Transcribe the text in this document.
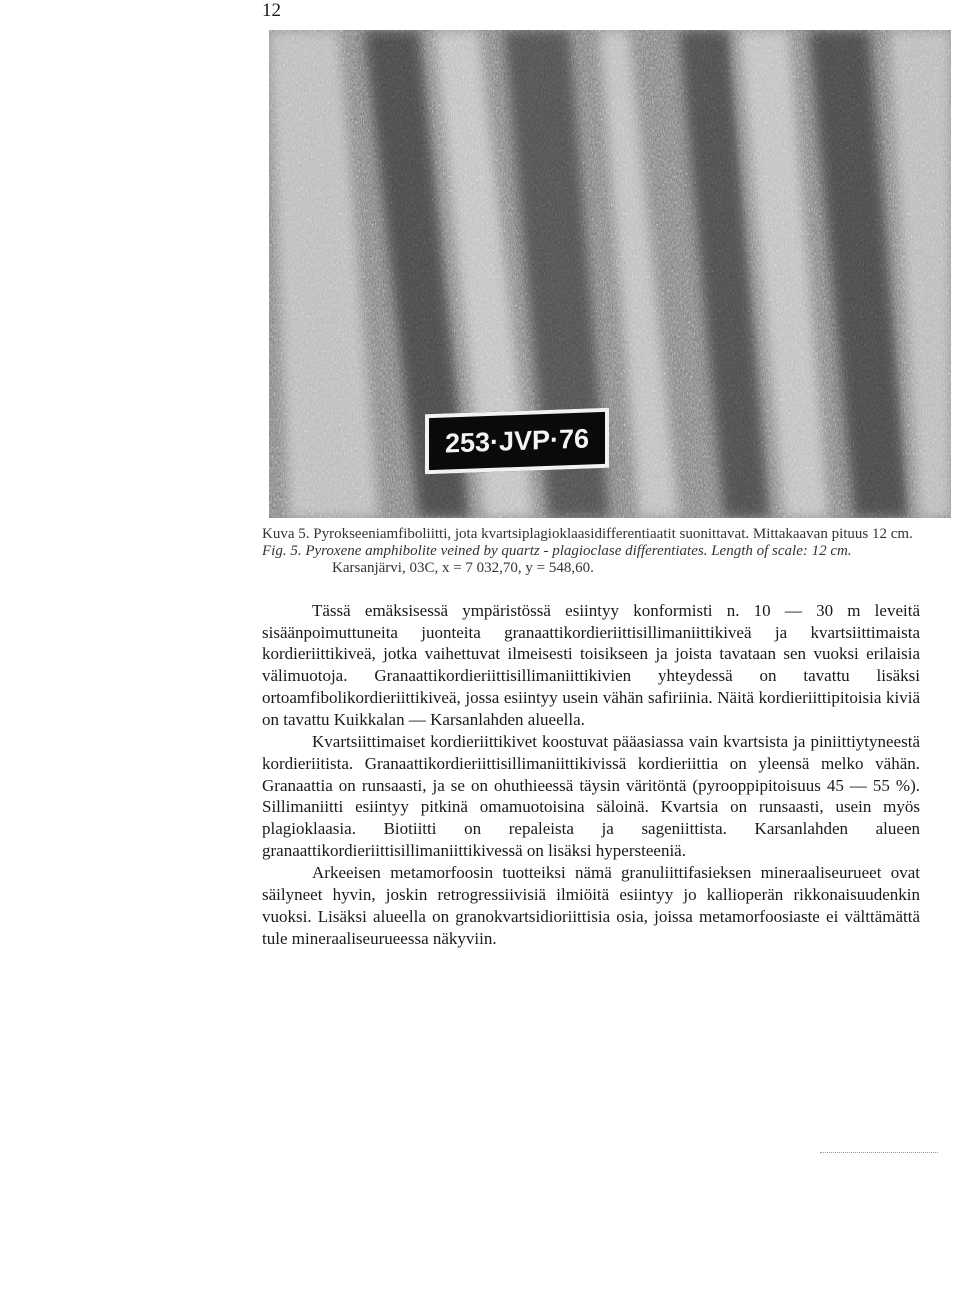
12
253·JVP·76
Kuva 5. Pyrokseeniamfiboliitti, jota kvartsiplagioklaasidifferentiaatit suonittavat. Mittakaavan pituus 12 cm.
Fig. 5. Pyroxene amphibolite veined by quartz - plagioclase differentiates. Length of scale: 12 cm.
Karsanjärvi, 03C, x = 7 032,70, y = 548,60.

Tässä emäksisessä ympäristössä esiintyy konformisti n. 10 — 30 m leveitä sisäänpoimuttuneita juonteita granaattikordieriittisillimaniittikiveä ja kvartsiittimaista kordieriittikiveä, jotka vaihettuvat ilmeisesti toisikseen ja joista tavataan sen vuoksi erilaisia välimuotoja. Granaattikordieriittisillimaniittikivien yhteydessä on tavattu lisäksi ortoamfibolikordieriittikiveä, jossa esiintyy usein vähän safiriinia. Näitä kordieriittipitoisia kiviä on tavattu Kuikkalan — Karsanlahden alueella.

Kvartsiittimaiset kordieriittikivet koostuvat pääasiassa vain kvartsista ja piniittiytyneestä kordieriitista. Granaattikordieriittisillimaniittikivissä kordieriittia on yleensä melko vähän. Granaattia on runsaasti, ja se on ohuthieessä täysin väritöntä (pyrooppipitoisuus 45 — 55 %). Sillimaniitti esiintyy pitkinä omamuotoisina säloinä. Kvartsia on runsaasti, usein myös plagioklaasia. Biotiitti on repaleista ja sageniittista. Karsanlahden alueen granaattikordieriittisillimaniittikivessä on lisäksi hypersteeniä.

Arkeeisen metamorfoosin tuotteiksi nämä granuliittifasieksen mineraaliseurueet ovat säilyneet hyvin, joskin retrogressiivisiä ilmiöitä esiintyy jo kallioperän rikkonaisuudenkin vuoksi. Lisäksi alueella on granokvartsidioriittisia osia, joissa metamorfoosiaste ei välttämättä tule mineraaliseurueessa näkyviin.
